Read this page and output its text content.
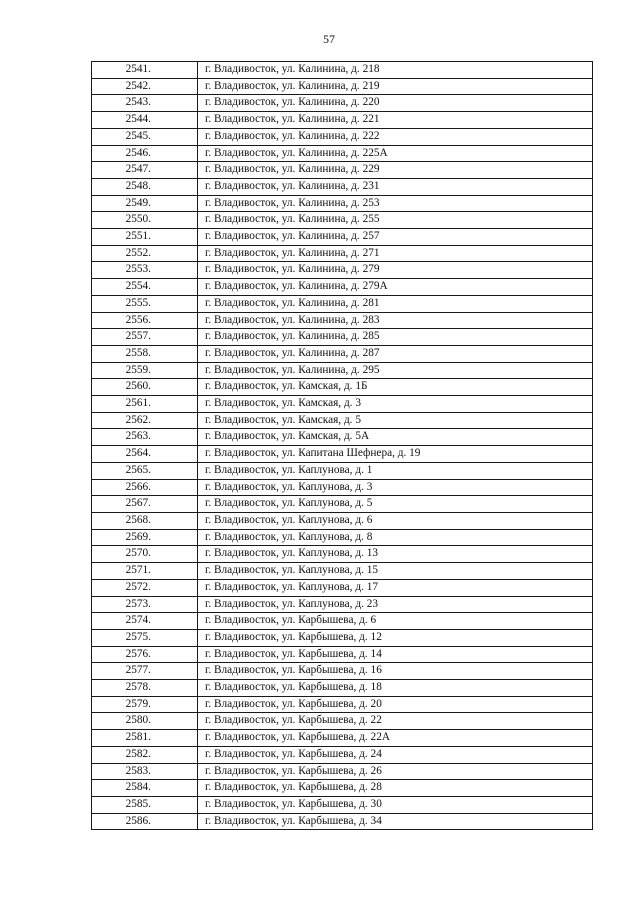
57
2541.	г. Владивосток, ул. Калинина, д. 218
2542.	г. Владивосток, ул. Калинина, д. 219
2543.	г. Владивосток, ул. Калинина, д. 220
2544.	г. Владивосток, ул. Калинина, д. 221
2545.	г. Владивосток, ул. Калинина, д. 222
2546.	г. Владивосток, ул. Калинина, д. 225А
2547.	г. Владивосток, ул. Калинина, д. 229
2548.	г. Владивосток, ул. Калинина, д. 231
2549.	г. Владивосток, ул. Калинина, д. 253
2550.	г. Владивосток, ул. Калинина, д. 255
2551.	г. Владивосток, ул. Калинина, д. 257
2552.	г. Владивосток, ул. Калинина, д. 271
2553.	г. Владивосток, ул. Калинина, д. 279
2554.	г. Владивосток, ул. Калинина, д. 279А
2555.	г. Владивосток, ул. Калинина, д. 281
2556.	г. Владивосток, ул. Калинина, д. 283
2557.	г. Владивосток, ул. Калинина, д. 285
2558.	г. Владивосток, ул. Калинина, д. 287
2559.	г. Владивосток, ул. Калинина, д. 295
2560.	г. Владивосток, ул. Камская, д. 1Б
2561.	г. Владивосток, ул. Камская, д. 3
2562.	г. Владивосток, ул. Камская, д. 5
2563.	г. Владивосток, ул. Камская, д. 5А
2564.	г. Владивосток, ул. Капитана Шефнера, д. 19
2565.	г. Владивосток, ул. Каплунова, д. 1
2566.	г. Владивосток, ул. Каплунова, д. 3
2567.	г. Владивосток, ул. Каплунова, д. 5
2568.	г. Владивосток, ул. Каплунова, д. 6
2569.	г. Владивосток, ул. Каплунова, д. 8
2570.	г. Владивосток, ул. Каплунова, д. 13
2571.	г. Владивосток, ул. Каплунова, д. 15
2572.	г. Владивосток, ул. Каплунова, д. 17
2573.	г. Владивосток, ул. Каплунова, д. 23
2574.	г. Владивосток, ул. Карбышева, д. 6
2575.	г. Владивосток, ул. Карбышева, д. 12
2576.	г. Владивосток, ул. Карбышева, д. 14
2577.	г. Владивосток, ул. Карбышева, д. 16
2578.	г. Владивосток, ул. Карбышева, д. 18
2579.	г. Владивосток, ул. Карбышева, д. 20
2580.	г. Владивосток, ул. Карбышева, д. 22
2581.	г. Владивосток, ул. Карбышева, д. 22А
2582.	г. Владивосток, ул. Карбышева, д. 24
2583.	г. Владивосток, ул. Карбышева, д. 26
2584.	г. Владивосток, ул. Карбышева, д. 28
2585.	г. Владивосток, ул. Карбышева, д. 30
2586.	г. Владивосток, ул. Карбышева, д. 34
